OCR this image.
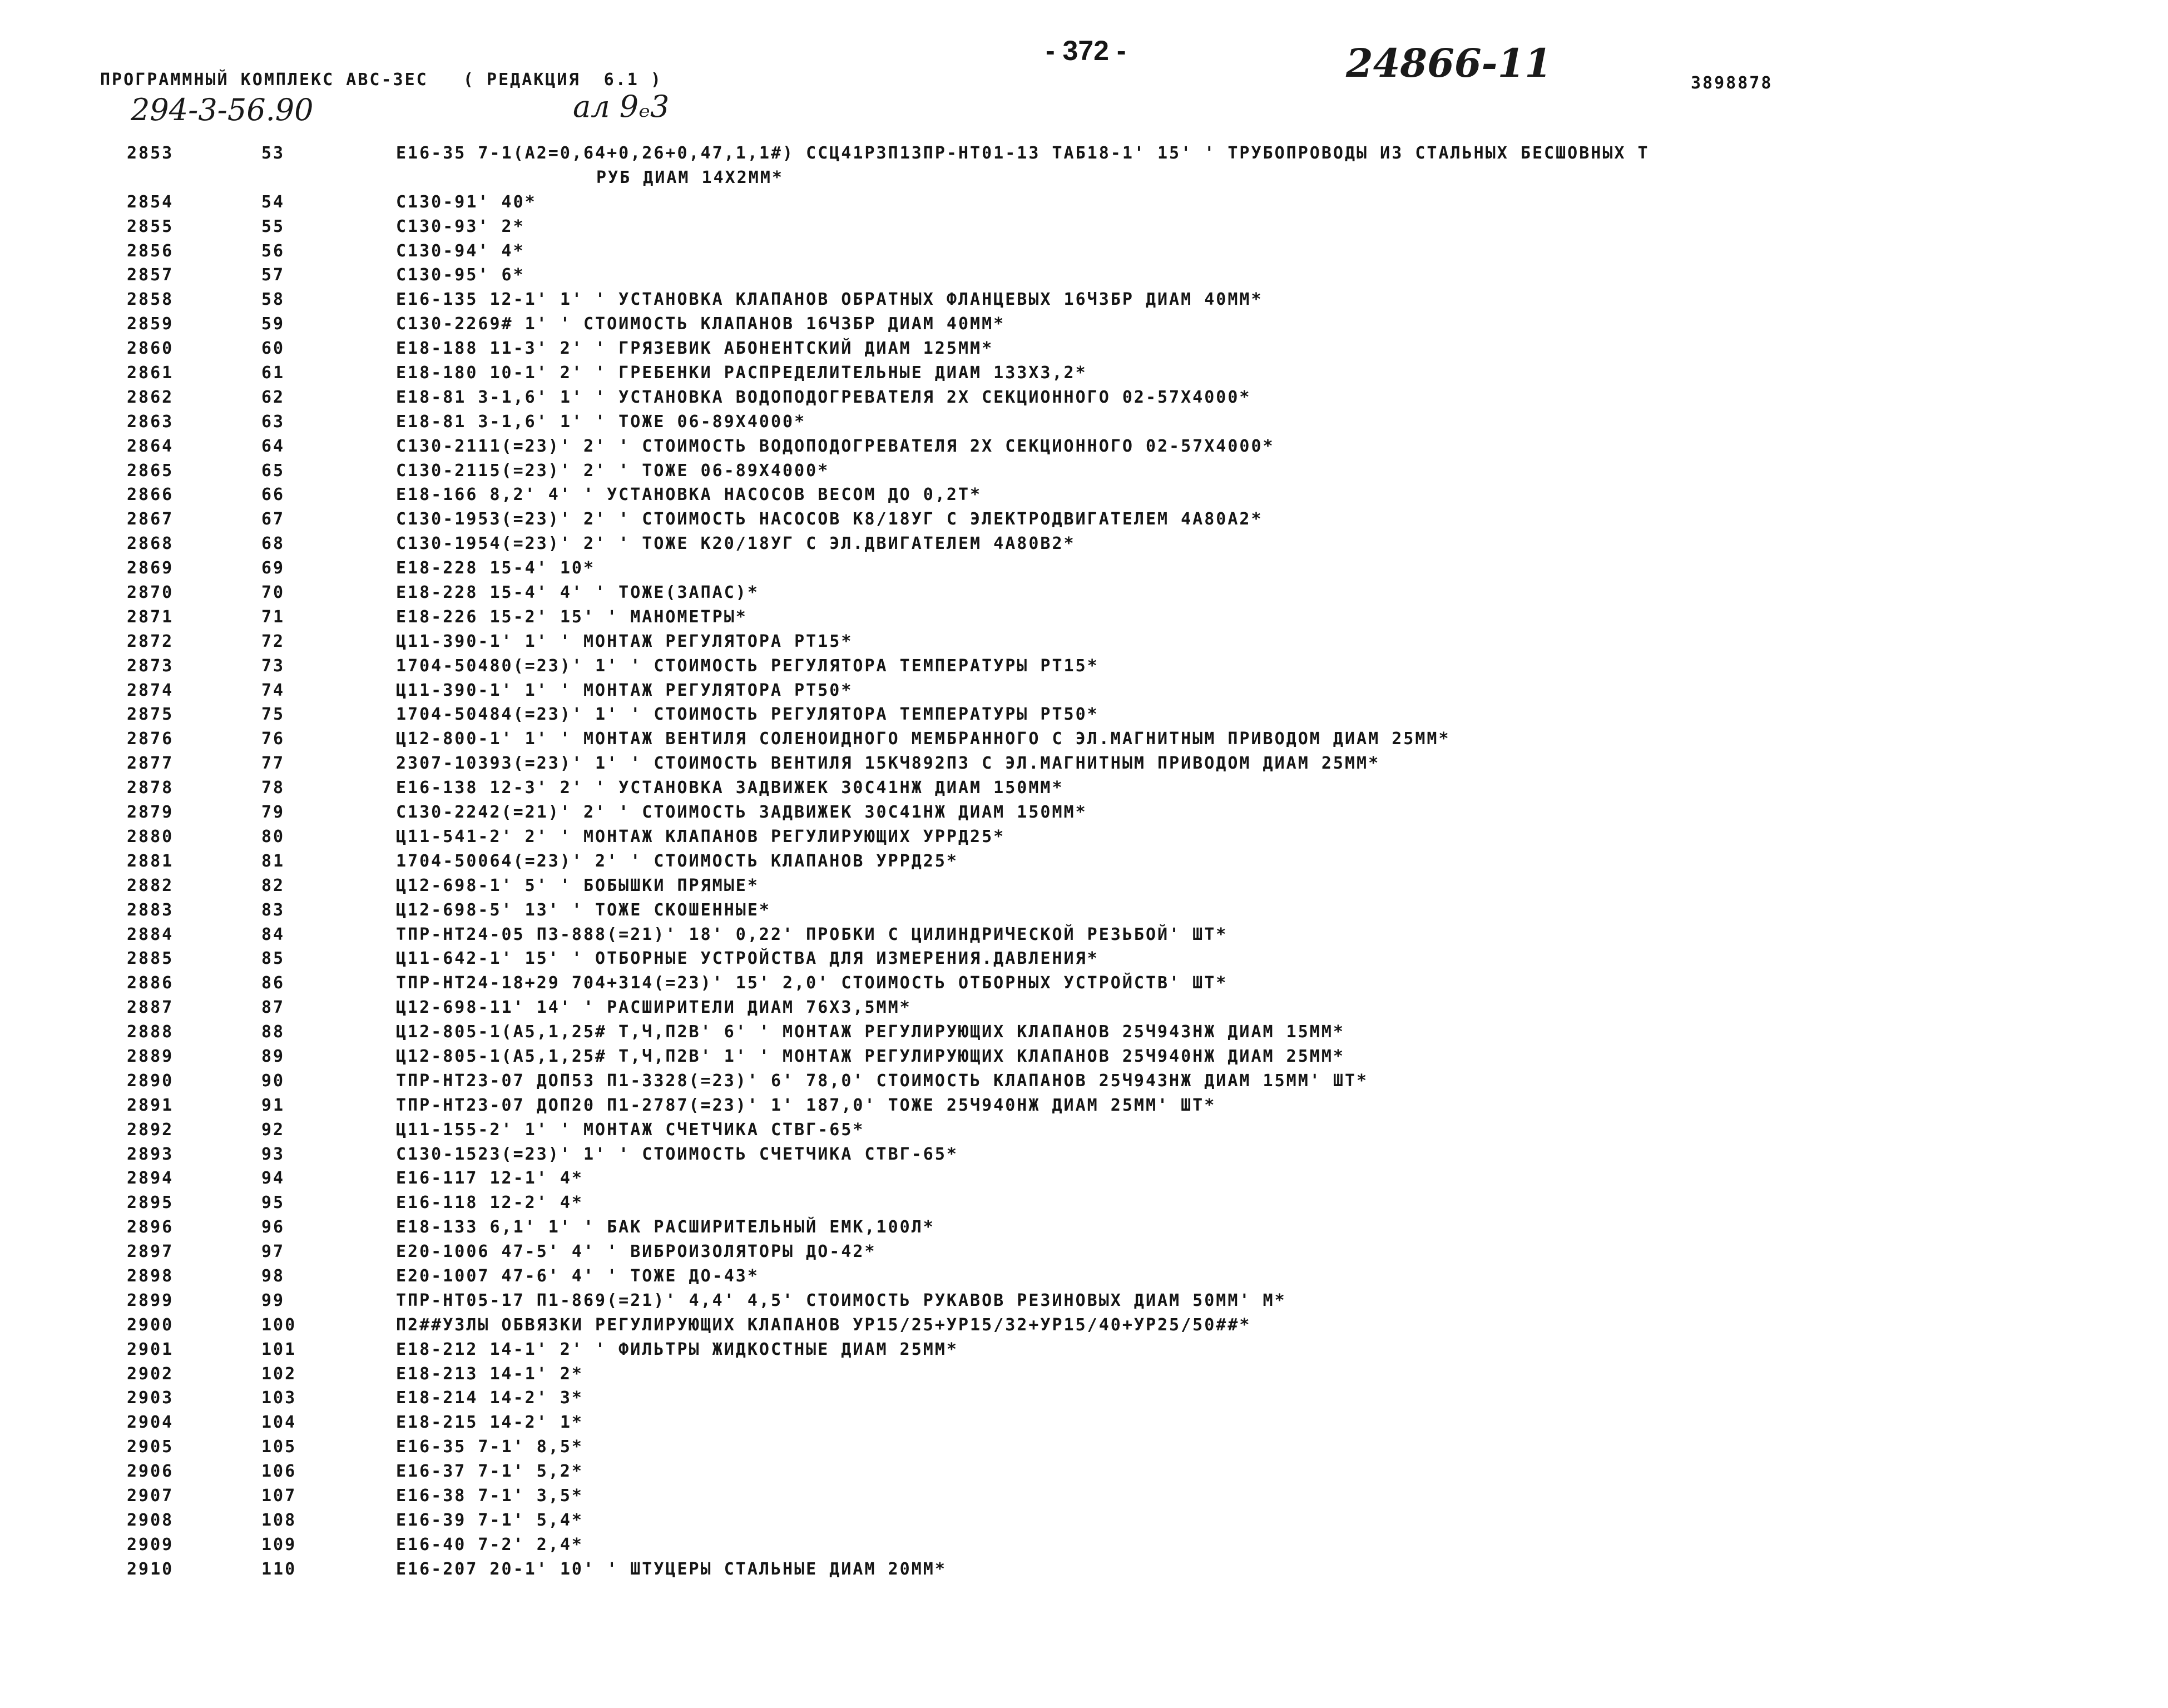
- 372 -	24866-11
ПРОГРАММНЫЙ КОМПЛЕКС АВС-3ЕС   ( РЕДАКЦИЯ  6.1 )	3898878
294-3-56.90	ал 9ₑ3
2853	53	Е16-35 7-1(А2=0,64+0,26+0,47,1,1#) ССЦ41Р3П13ПР-НТ01-13 ТАБ18-1' 15' ' ТРУБОПРОВОДЫ ИЗ СТАЛЬНЫХ БЕСШОВНЫХ Т
РУБ ДИАМ 14Х2ММ*
2854	54	С130-91' 40*
2855	55	С130-93' 2*
2856	56	С130-94' 4*
2857	57	С130-95' 6*
2858	58	Е16-135 12-1' 1' ' УСТАНОВКА КЛАПАНОВ ОБРАТНЫХ ФЛАНЦЕВЫХ 16Ч3БР ДИАМ 40ММ*
2859	59	С130-2269# 1' ' СТОИМОСТЬ КЛАПАНОВ 16Ч3БР ДИАМ 40ММ*
2860	60	Е18-188 11-3' 2' ' ГРЯЗЕВИК АБОНЕНТСКИЙ ДИАМ 125ММ*
2861	61	Е18-180 10-1' 2' ' ГРЕБЕНКИ РАСПРЕДЕЛИТЕЛЬНЫЕ ДИАМ 133Х3,2*
2862	62	Е18-81 3-1,6' 1' ' УСТАНОВКА ВОДОПОДОГРЕВАТЕЛЯ 2Х СЕКЦИОННОГО 02-57Х4000*
2863	63	Е18-81 3-1,6' 1' ' ТОЖЕ 06-89Х4000*
2864	64	С130-2111(=23)' 2' ' СТОИМОСТЬ ВОДОПОДОГРЕВАТЕЛЯ 2Х СЕКЦИОННОГО 02-57Х4000*
2865	65	С130-2115(=23)' 2' ' ТОЖЕ 06-89Х4000*
2866	66	Е18-166 8,2' 4' ' УСТАНОВКА НАСОСОВ ВЕСОМ ДО 0,2Т*
2867	67	С130-1953(=23)' 2' ' СТОИМОСТЬ НАСОСОВ К8/18УГ С ЭЛЕКТРОДВИГАТЕЛЕМ 4А80А2*
2868	68	С130-1954(=23)' 2' ' ТОЖЕ К20/18УГ С ЭЛ.ДВИГАТЕЛЕМ 4А80В2*
2869	69	Е18-228 15-4' 10*
2870	70	Е18-228 15-4' 4' ' ТОЖЕ(ЗАПАС)*
2871	71	Е18-226 15-2' 15' ' МАНОМЕТРЫ*
2872	72	Ц11-390-1' 1' ' МОНТАЖ РЕГУЛЯТОРА РТ15*
2873	73	1704-50480(=23)' 1' ' СТОИМОСТЬ РЕГУЛЯТОРА ТЕМПЕРАТУРЫ РТ15*
2874	74	Ц11-390-1' 1' ' МОНТАЖ РЕГУЛЯТОРА РТ50*
2875	75	1704-50484(=23)' 1' ' СТОИМОСТЬ РЕГУЛЯТОРА ТЕМПЕРАТУРЫ РТ50*
2876	76	Ц12-800-1' 1' ' МОНТАЖ ВЕНТИЛЯ СОЛЕНОИДНОГО МЕМБРАННОГО С ЭЛ.МАГНИТНЫМ ПРИВОДОМ ДИАМ 25ММ*
2877	77	2307-10393(=23)' 1' ' СТОИМОСТЬ ВЕНТИЛЯ 15КЧ892П3 С ЭЛ.МАГНИТНЫМ ПРИВОДОМ ДИАМ 25ММ*
2878	78	Е16-138 12-3' 2' ' УСТАНОВКА ЗАДВИЖЕК 30С41НЖ ДИАМ 150ММ*
2879	79	С130-2242(=21)' 2' ' СТОИМОСТЬ ЗАДВИЖЕК 30С41НЖ ДИАМ 150ММ*
2880	80	Ц11-541-2' 2' ' МОНТАЖ КЛАПАНОВ РЕГУЛИРУЮЩИХ УРРД25*
2881	81	1704-50064(=23)' 2' ' СТОИМОСТЬ КЛАПАНОВ УРРД25*
2882	82	Ц12-698-1' 5' ' БОБЫШКИ ПРЯМЫЕ*
2883	83	Ц12-698-5' 13' ' ТОЖЕ СКОШЕННЫЕ*
2884	84	ТПР-НТ24-05 П3-888(=21)' 18' 0,22' ПРОБКИ С ЦИЛИНДРИЧЕСКОЙ РЕЗЬБОЙ' ШТ*
2885	85	Ц11-642-1' 15' ' ОТБОРНЫЕ УСТРОЙСТВА ДЛЯ ИЗМЕРЕНИЯ.ДАВЛЕНИЯ*
2886	86	ТПР-НТ24-18+29 704+314(=23)' 15' 2,0' СТОИМОСТЬ ОТБОРНЫХ УСТРОЙСТВ' ШТ*
2887	87	Ц12-698-11' 14' ' РАСШИРИТЕЛИ ДИАМ 76Х3,5ММ*
2888	88	Ц12-805-1(А5,1,25# Т,Ч,П2В' 6' ' МОНТАЖ РЕГУЛИРУЮЩИХ КЛАПАНОВ 25Ч943НЖ ДИАМ 15ММ*
2889	89	Ц12-805-1(А5,1,25# Т,Ч,П2В' 1' ' МОНТАЖ РЕГУЛИРУЮЩИХ КЛАПАНОВ 25Ч940НЖ ДИАМ 25ММ*
2890	90	ТПР-НТ23-07 ДОП53 П1-3328(=23)' 6' 78,0' СТОИМОСТЬ КЛАПАНОВ 25Ч943НЖ ДИАМ 15ММ' ШТ*
2891	91	ТПР-НТ23-07 ДОП20 П1-2787(=23)' 1' 187,0' ТОЖЕ 25Ч940НЖ ДИАМ 25ММ' ШТ*
2892	92	Ц11-155-2' 1' ' МОНТАЖ СЧЕТЧИКА СТВГ-65*
2893	93	С130-1523(=23)' 1' ' СТОИМОСТЬ СЧЕТЧИКА СТВГ-65*
2894	94	Е16-117 12-1' 4*
2895	95	Е16-118 12-2' 4*
2896	96	Е18-133 6,1' 1' ' БАК РАСШИРИТЕЛЬНЫЙ ЕМК,100Л*
2897	97	Е20-1006 47-5' 4' ' ВИБРОИЗОЛЯТОРЫ ДО-42*
2898	98	Е20-1007 47-6' 4' ' ТОЖЕ ДО-43*
2899	99	ТПР-НТ05-17 П1-869(=21)' 4,4' 4,5' СТОИМОСТЬ РУКАВОВ РЕЗИНОВЫХ ДИАМ 50ММ' М*
2900	100	П2##УЗЛЫ ОБВЯЗКИ РЕГУЛИРУЮЩИХ КЛАПАНОВ УР15/25+УР15/32+УР15/40+УР25/50##*
2901	101	Е18-212 14-1' 2' ' ФИЛЬТРЫ ЖИДКОСТНЫЕ ДИАМ 25ММ*
2902	102	Е18-213 14-1' 2*
2903	103	Е18-214 14-2' 3*
2904	104	Е18-215 14-2' 1*
2905	105	Е16-35 7-1' 8,5*
2906	106	Е16-37 7-1' 5,2*
2907	107	Е16-38 7-1' 3,5*
2908	108	Е16-39 7-1' 5,4*
2909	109	Е16-40 7-2' 2,4*
2910	110	Е16-207 20-1' 10' ' ШТУЦЕРЫ СТАЛЬНЫЕ ДИАМ 20ММ*
